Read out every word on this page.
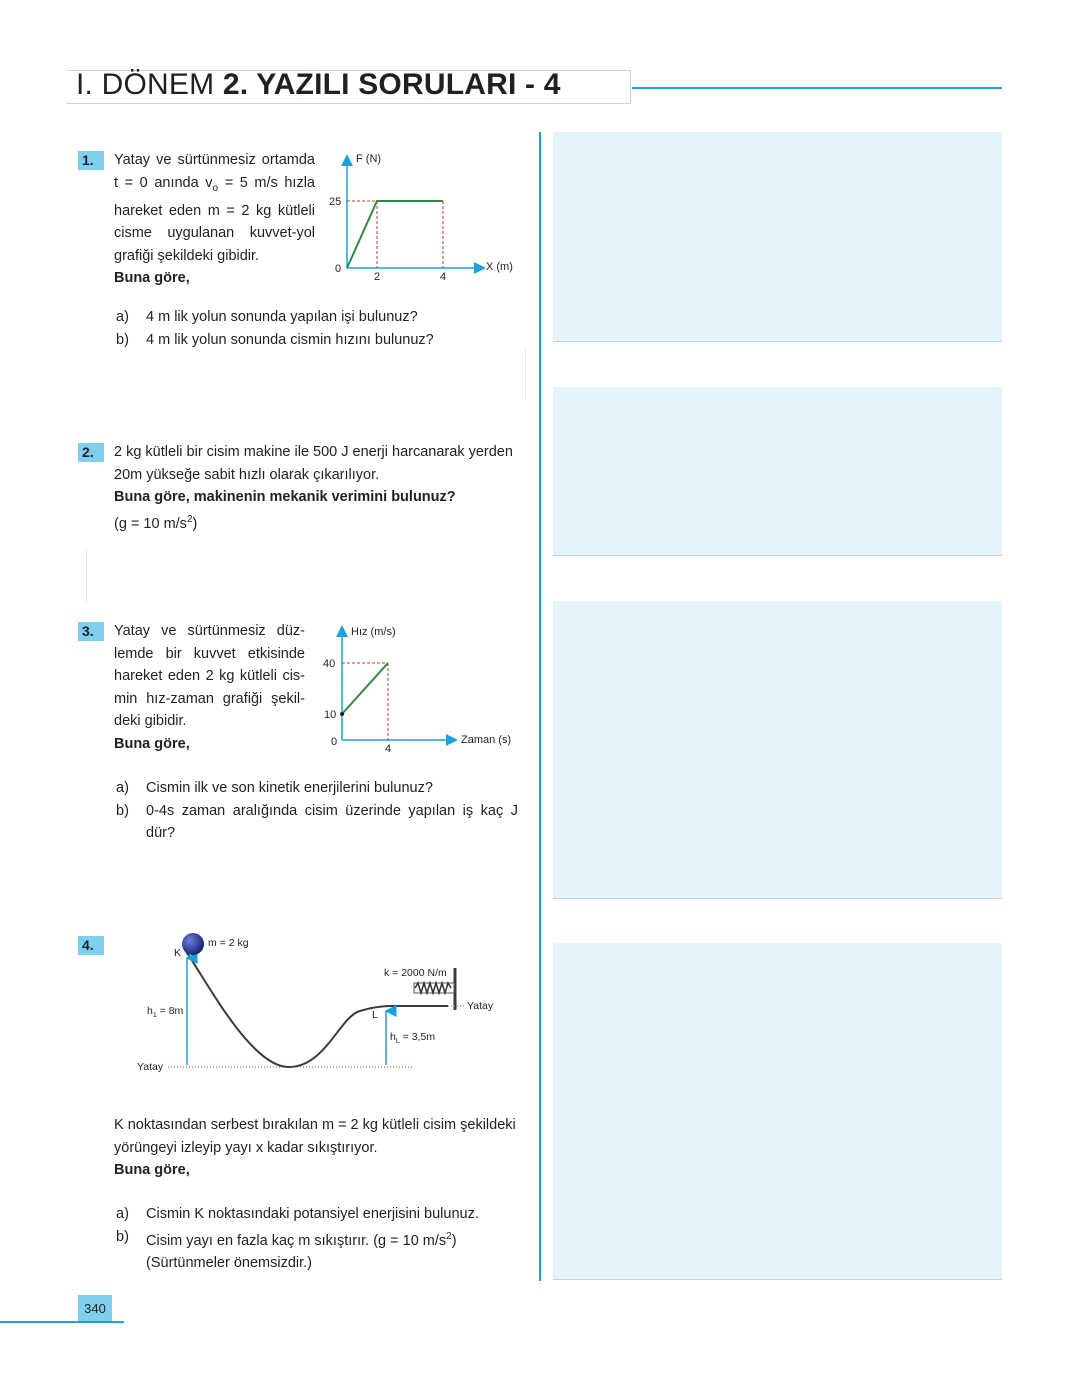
I. DÖNEM 2. YAZILI SORULARI - 4
1.	Yatay ve sürtünmesiz ortamda

t = 0 anında $v_o = 5$ m/s hızla

hareket eden m = 2 kg kütleli

cisme uygulanan kuvvet-yol

grafiği şekildeki gibidir.

Buna göre,

F (N)
X (m)
25
0
2	4
a)	4 m lik yolun sonunda yapılan işi bulunuz?
b)	4 m lik yolun sonunda cismin hızını bulunuz?
2.	2 kg kütleli bir cisim makine ile 500 J enerji harcanarak yerden

20m yükseğe sabit hızlı olarak çıkarılıyor.

Buna göre, makinenin mekanik verimini bulunuz?

(g = 10 $m/s^2$)

3.	Yatay ve sürtünmesiz düz-

lemde bir kuvvet etkisinde

hareket eden 2 kg kütleli cis-

min hız-zaman grafiği şekil-

deki gibidir.

Buna göre,

Hız (m/s)
Zaman (s)
40
10
0
4
a)	Cismin ilk ve son kinetik enerjilerini bulunuz?
b)	0-4s zaman aralığında cisim üzerinde yapılan iş kaç J
dür?
4.	m = 2 kg
K
L
k = 2000 N/m
$h_1 = 8m$
$h_L = 3,5m$
Yatay
Yatay

K noktasından serbest bırakılan m = 2 kg kütleli cisim şekildeki

yörüngeyi izleyip yayı x kadar sıkıştırıyor.

Buna göre,

a)	Cismin K noktasındaki potansiyel enerjisini bulunuz.
b)	Cisim yayı en fazla kaç m sıkıştırır. (g = 10 $m/s^2$)
(Sürtünmeler önemsizdir.)
340
